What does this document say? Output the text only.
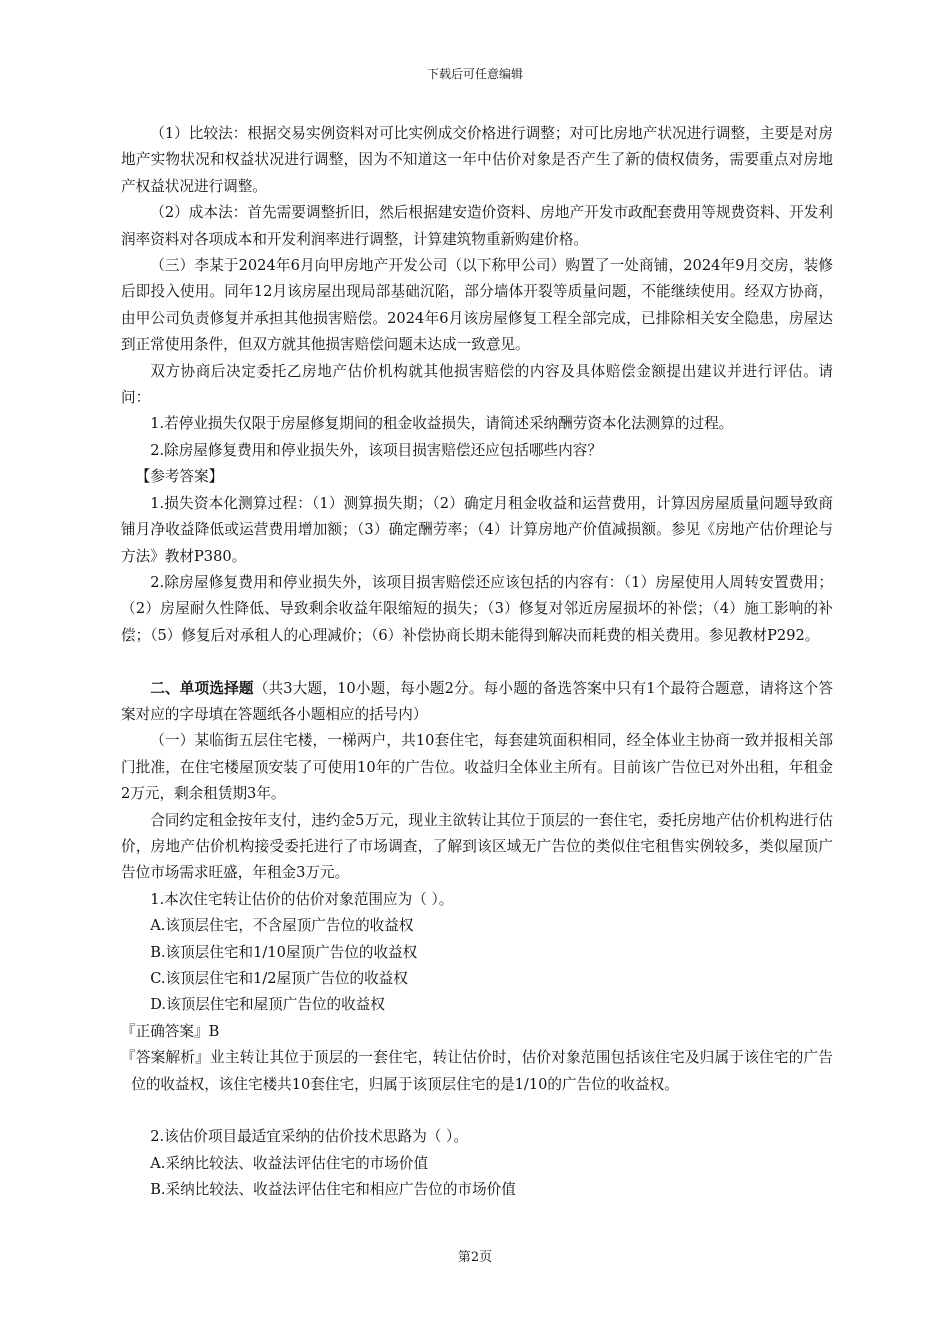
下载后可任意编辑

（1）比较法：根据交易实例资料对可比实例成交价格进行调整；对可比房地产状况进行调整，主要是对房地产实物状况和权益状况进行调整，因为不知道这一年中估价对象是否产生了新的债权债务，需要重点对房地产权益状况进行调整。

（2）成本法：首先需要调整折旧，然后根据建安造价资料、房地产开发市政配套费用等规费资料、开发利润率资料对各项成本和开发利润率进行调整，计算建筑物重新购建价格。

（三）李某于2024年6月向甲房地产开发公司（以下称甲公司）购置了一处商铺，2024年9月交房，装修后即投入使用。同年12月该房屋出现局部基础沉陷，部分墙体开裂等质量问题，不能继续使用。经双方协商，由甲公司负责修复并承担其他损害赔偿。2024年6月该房屋修复工程全部完成，已排除相关安全隐患，房屋达到正常使用条件，但双方就其他损害赔偿问题未达成一致意见。

双方协商后决定委托乙房地产估价机构就其他损害赔偿的内容及具体赔偿金额提出建议并进行评估。请问：

1.若停业损失仅限于房屋修复期间的租金收益损失，请简述采纳酬劳资本化法测算的过程。

2.除房屋修复费用和停业损失外，该项目损害赔偿还应包括哪些内容？

【参考答案】

1.损失资本化测算过程：（1）测算损失期；（2）确定月租金收益和运营费用，计算因房屋质量问题导致商铺月净收益降低或运营费用增加额；（3）确定酬劳率；（4）计算房地产价值减损额。参见《房地产估价理论与方法》教材P380。

2.除房屋修复费用和停业损失外，该项目损害赔偿还应该包括的内容有：（1）房屋使用人周转安置费用；（2）房屋耐久性降低、导致剩余收益年限缩短的损失；（3）修复对邻近房屋损坏的补偿；（4）施工影响的补偿；（5）修复后对承租人的心理减价；（6）补偿协商长期未能得到解决而耗费的相关费用。参见教材P292。

二、单项选择题（共3大题，10小题，每小题2分。每小题的备选答案中只有1个最符合题意，请将这个答案对应的字母填在答题纸各小题相应的括号内）

（一）某临街五层住宅楼，一梯两户，共10套住宅，每套建筑面积相同，经全体业主协商一致并报相关部门批准，在住宅楼屋顶安装了可使用10年的广告位。收益归全体业主所有。目前该广告位已对外出租，年租金2万元，剩余租赁期3年。

合同约定租金按年支付，违约金5万元，现业主欲转让其位于顶层的一套住宅，委托房地产估价机构进行估价，房地产估价机构接受委托进行了市场调查，了解到该区域无广告位的类似住宅租售实例较多，类似屋顶广告位市场需求旺盛，年租金3万元。

1.本次住宅转让估价的估价对象范围应为（ ）。

A.该顶层住宅，不含屋顶广告位的收益权

B.该顶层住宅和1/10屋顶广告位的收益权

C.该顶层住宅和1/2屋顶广告位的收益权

D.该顶层住宅和屋顶广告位的收益权

『正确答案』B

『答案解析』业主转让其位于顶层的一套住宅，转让估价时，估价对象范围包括该住宅及归属于该住宅的广告位的收益权，该住宅楼共10套住宅，归属于该顶层住宅的是1/10的广告位的收益权。

2.该估价项目最适宜采纳的估价技术思路为（ ）。

A.采纳比较法、收益法评估住宅的市场价值

B.采纳比较法、收益法评估住宅和相应广告位的市场价值

第2页
